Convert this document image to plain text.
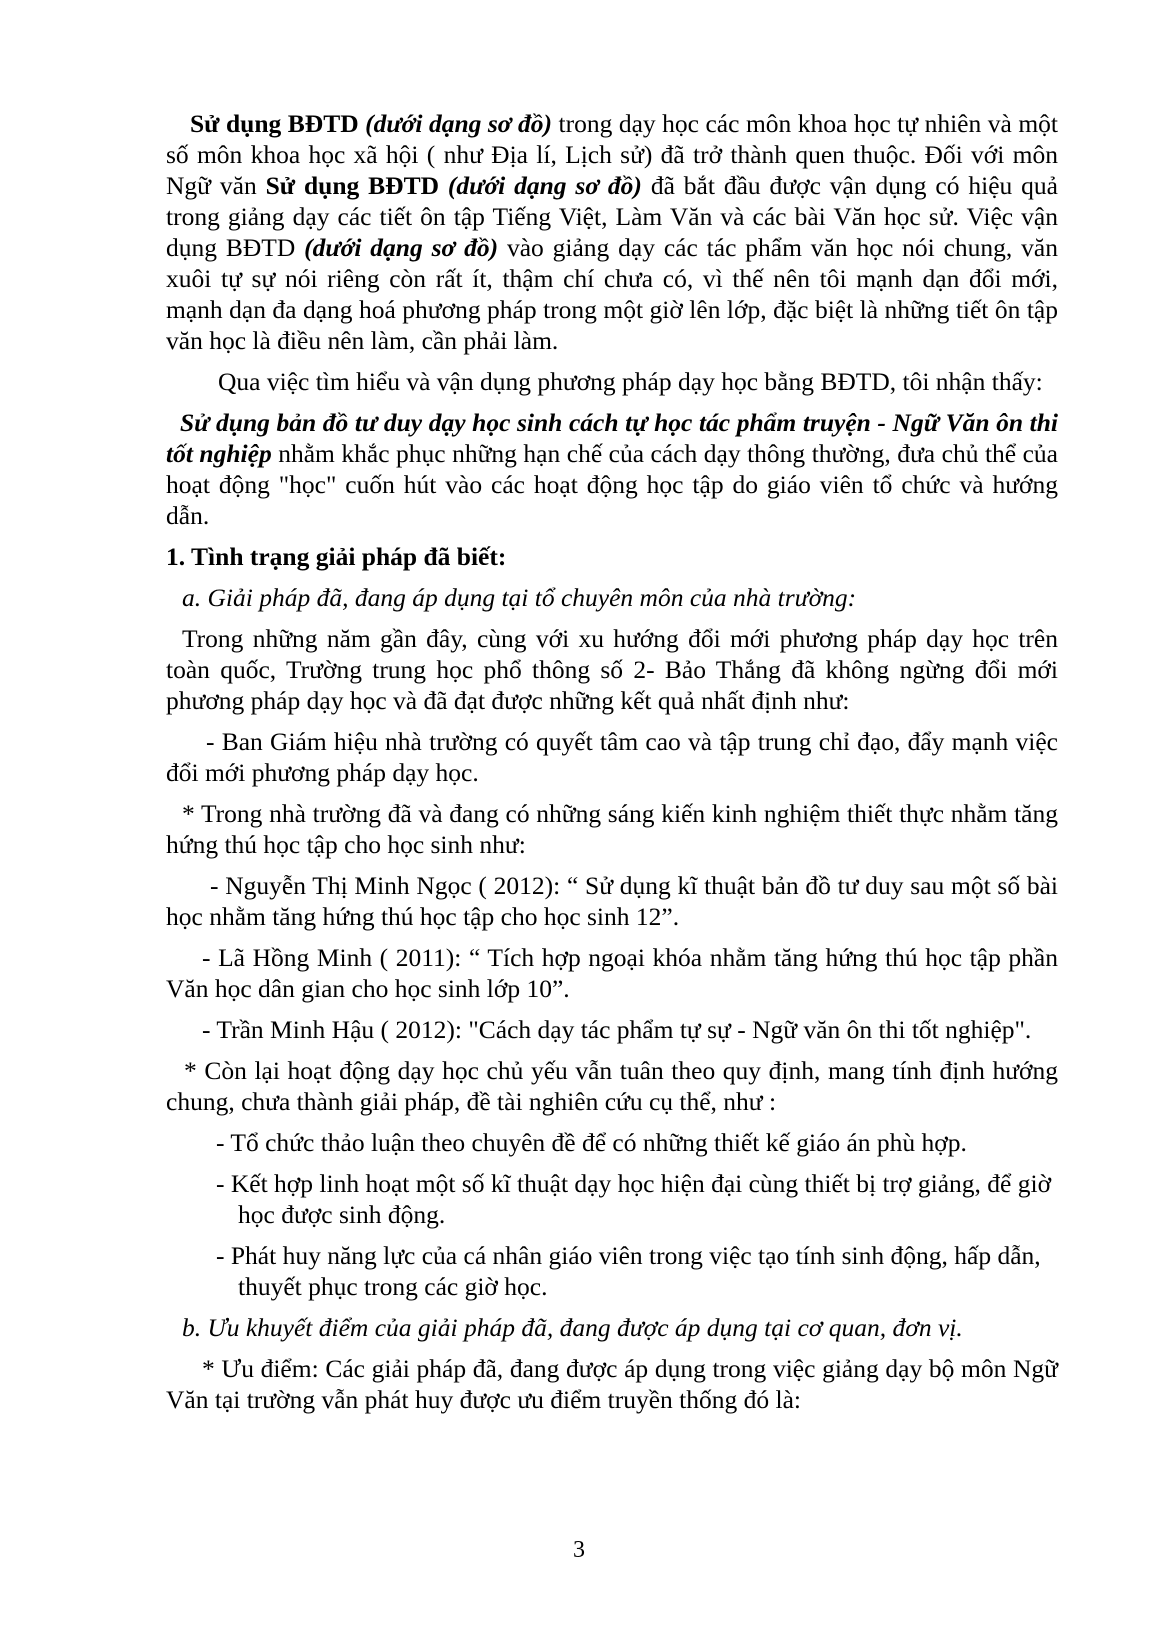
Sử dụng BĐTD (dưới dạng sơ đồ) trong dạy học các môn khoa học tự nhiên và một số môn khoa học xã hội ( như Địa lí, Lịch sử) đã trở thành quen thuộc. Đối với môn Ngữ văn Sử dụng BĐTD (dưới dạng sơ đồ) đã bắt đầu được vận dụng có hiệu quả trong giảng dạy các tiết ôn tập Tiếng Việt, Làm Văn và các bài Văn học sử. Việc vận dụng BĐTD (dưới dạng sơ đồ) vào giảng dạy các tác phẩm văn học nói chung, văn xuôi tự sự nói riêng còn rất ít, thậm chí chưa có, vì thế nên tôi mạnh dạn đổi mới, mạnh dạn đa dạng hoá phương pháp trong một giờ lên lớp, đặc biệt là những tiết ôn tập văn học là điều nên làm, cần phải làm.

Qua việc tìm hiểu và vận dụng phương pháp dạy học bằng BĐTD, tôi nhận thấy:

Sử dụng bản đồ tư duy dạy học sinh cách tự học tác phẩm truyện - Ngữ Văn ôn thi tốt nghiệp nhằm khắc phục những hạn chế của cách dạy thông thường, đưa chủ thể của hoạt động "học" cuốn hút vào các hoạt động học tập do giáo viên tổ chức và hướng dẫn.

1. Tình trạng giải pháp đã biết:

a. Giải pháp đã, đang áp dụng tại tổ chuyên môn của nhà trường:

Trong những năm gần đây, cùng với xu hướng đổi mới phương pháp dạy học trên toàn quốc, Trường trung học phổ thông số 2- Bảo Thắng đã không ngừng đổi mới phương pháp dạy học và đã đạt được những kết quả nhất định như:

- Ban Giám hiệu nhà trường có quyết tâm cao và tập trung chỉ đạo, đẩy mạnh việc đổi mới phương pháp dạy học.

* Trong nhà trường đã và đang có những sáng kiến kinh nghiệm thiết thực nhằm tăng hứng thú học tập cho học sinh như:

- Nguyễn Thị Minh Ngọc ( 2012): “ Sử dụng kĩ thuật bản đồ tư duy sau một số bài học nhằm tăng hứng thú học tập cho học sinh 12”.

- Lã Hồng Minh ( 2011): “ Tích hợp ngoại khóa nhằm tăng hứng thú học tập phần Văn học dân gian cho học sinh lớp 10”.

- Trần Minh Hậu ( 2012): "Cách dạy tác phẩm tự sự - Ngữ văn ôn thi tốt nghiệp".

* Còn lại hoạt động dạy học chủ yếu vẫn tuân theo quy định, mang tính định hướng chung, chưa thành giải pháp, đề tài nghiên cứu cụ thể, như :

- Tổ chức thảo luận theo chuyên đề để có những thiết kế giáo án phù hợp.

- Kết hợp linh hoạt một số kĩ thuật dạy học hiện đại cùng thiết bị trợ giảng, để giờ học được sinh động.

- Phát huy năng lực của cá nhân giáo viên trong việc tạo tính sinh động, hấp dẫn, thuyết phục trong các giờ học.

b. Ưu khuyết điểm của giải pháp đã, đang được áp dụng tại cơ quan, đơn vị.

* Ưu điểm: Các giải pháp đã, đang được áp dụng trong việc giảng dạy bộ môn Ngữ Văn tại trường vẫn phát huy được ưu điểm truyền thống đó là:

3
